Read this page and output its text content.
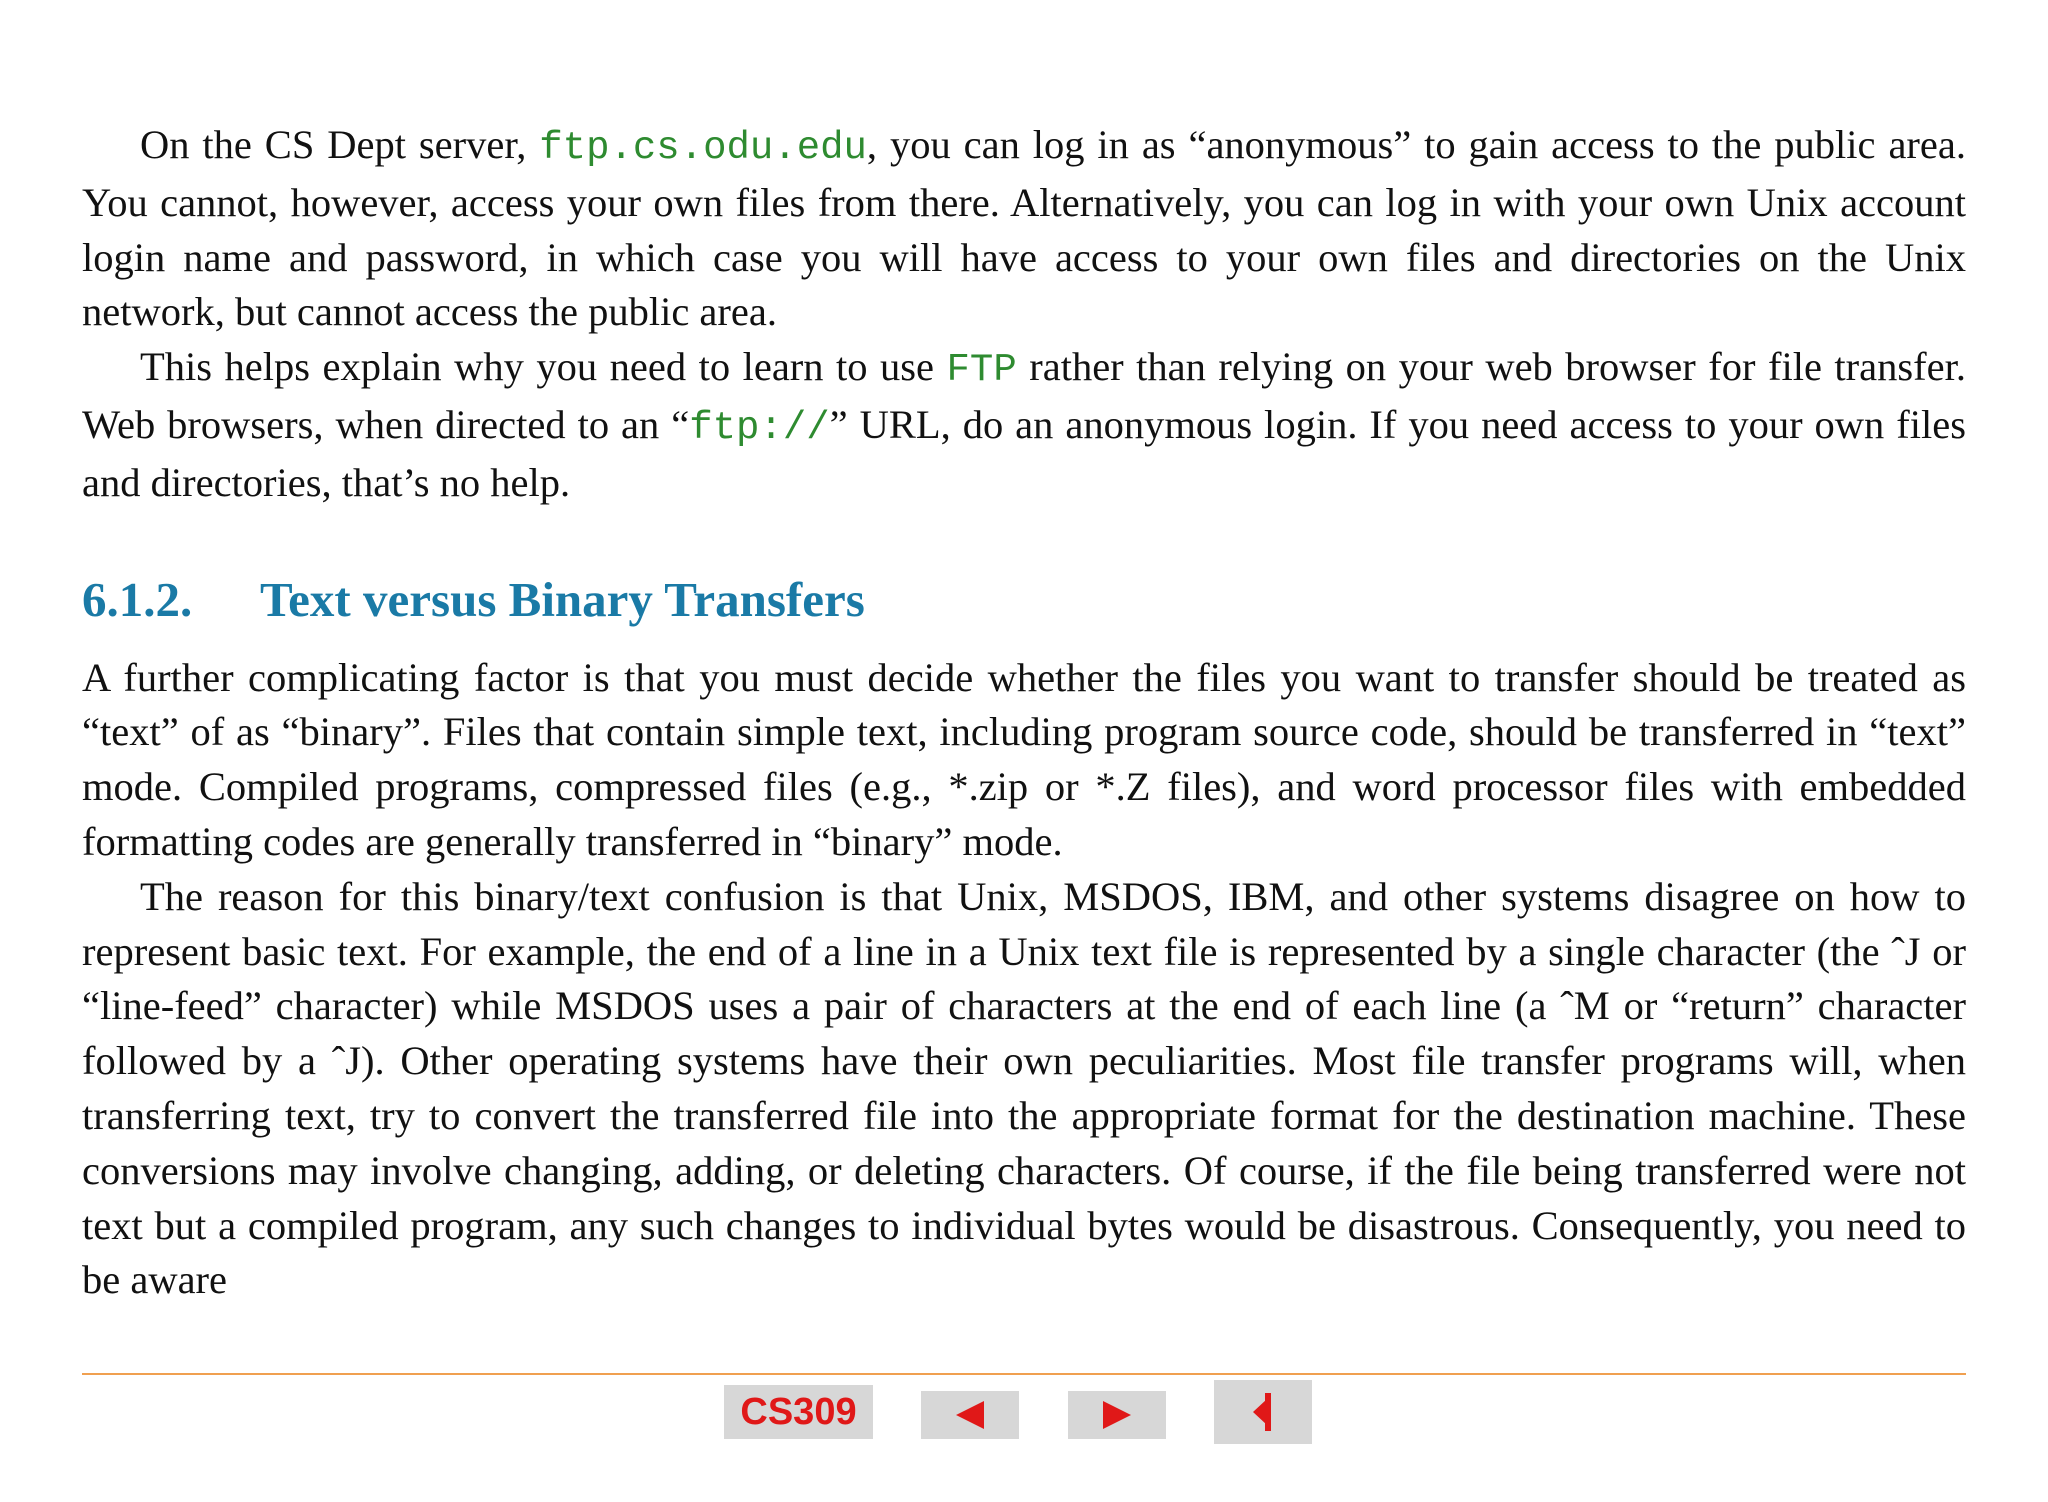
On the CS Dept server, ftp.cs.odu.edu, you can log in as “anonymous” to gain access to the public area. You cannot, however, access your own files from there. Alternatively, you can log in with your own Unix account login name and password, in which case you will have access to your own files and directories on the Unix network, but cannot access the public area.

This helps explain why you need to learn to use FTP rather than relying on your web browser for file transfer. Web browsers, when directed to an “ftp://” URL, do an anonymous login. If you need access to your own files and directories, that’s no help.

6.1.2. Text versus Binary Transfers

A further complicating factor is that you must decide whether the files you want to transfer should be treated as “text” of as “binary”. Files that contain simple text, including program source code, should be transferred in “text” mode. Compiled programs, compressed files (e.g., *.zip or *.Z files), and word processor files with embedded formatting codes are generally transferred in “binary” mode.

The reason for this binary/text confusion is that Unix, MSDOS, IBM, and other systems disagree on how to represent basic text. For example, the end of a line in a Unix text file is represented by a single character (the ˆJ or “line-feed” character) while MSDOS uses a pair of characters at the end of each line (a ˆM or “return” character followed by a ˆJ). Other operating systems have their own peculiarities. Most file transfer programs will, when transferring text, try to convert the transferred file into the appropriate format for the destination machine. These conversions may involve changing, adding, or deleting characters. Of course, if the file being transferred were not text but a compiled program, any such changes to individual bytes would be disastrous. Consequently, you need to be aware

CS309
